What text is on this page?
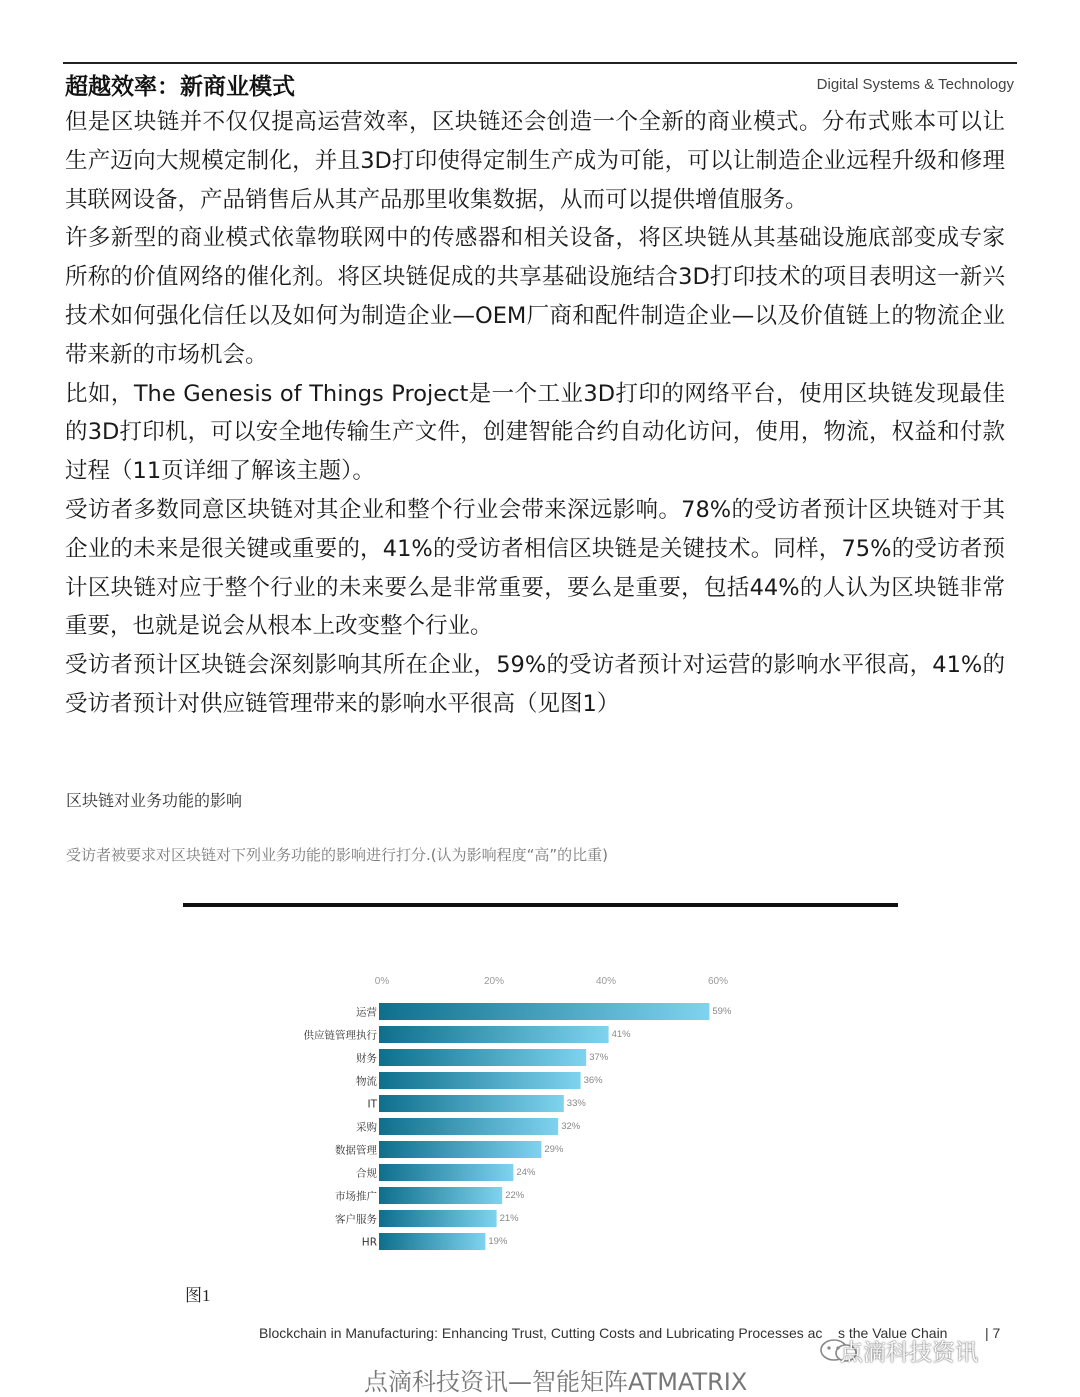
超越效率：新商业模式	Digital Systems & Technology

但是区块链并不仅仅提高运营效率，区块链还会创造一个全新的商业模式。分布式账本可以让生产迈向大规模定制化，并且3D打印使得定制生产成为可能，可以让制造企业远程升级和修理其联网设备，产品销售后从其产品那里收集数据，从而可以提供增值服务。

许多新型的商业模式依靠物联网中的传感器和相关设备，将区块链从其基础设施底部变成专家所称的价值网络的催化剂。将区块链促成的共享基础设施结合3D打印技术的项目表明这一新兴技术如何强化信任以及如何为制造企业—OEM厂商和配件制造企业—以及价值链上的物流企业带来新的市场机会。

比如，The Genesis of Things Project是一个工业3D打印的网络平台，使用区块链发现最佳的3D打印机，可以安全地传输生产文件，创建智能合约自动化访问，使用，物流，权益和付款过程（11页详细了解该主题）。

受访者多数同意区块链对其企业和整个行业会带来深远影响。78%的受访者预计区块链对于其企业的未来是很关键或重要的，41%的受访者相信区块链是关键技术。同样，75%的受访者预计区块链对应于整个行业的未来要么是非常重要，要么是重要，包括44%的人认为区块链非常重要，也就是说会从根本上改变整个行业。

受访者预计区块链会深刻影响其所在企业，59%的受访者预计对运营的影响水平很高，41%的受访者预计对供应链管理带来的影响水平很高（见图1）

区块链对业务功能的影响
受访者被要求对区块链对下列业务功能的影响进行打分.(认为影响程度“高”的比重)
0%	20%	40%	60%
运营	59%
供应链管理执行	41%
财务	37%
物流	36%
IT	33%
采购	32%
数据管理	29%
合规	24%
市场推广	22%
客户服务	21%
HR	19%
图1
Blockchain in Manufacturing: Enhancing Trust, Cutting Costs and Lubricating Processes ac .. s the Value Chain	| 7
点滴科技资讯
点滴科技资讯—智能矩阵ATMATRIX
